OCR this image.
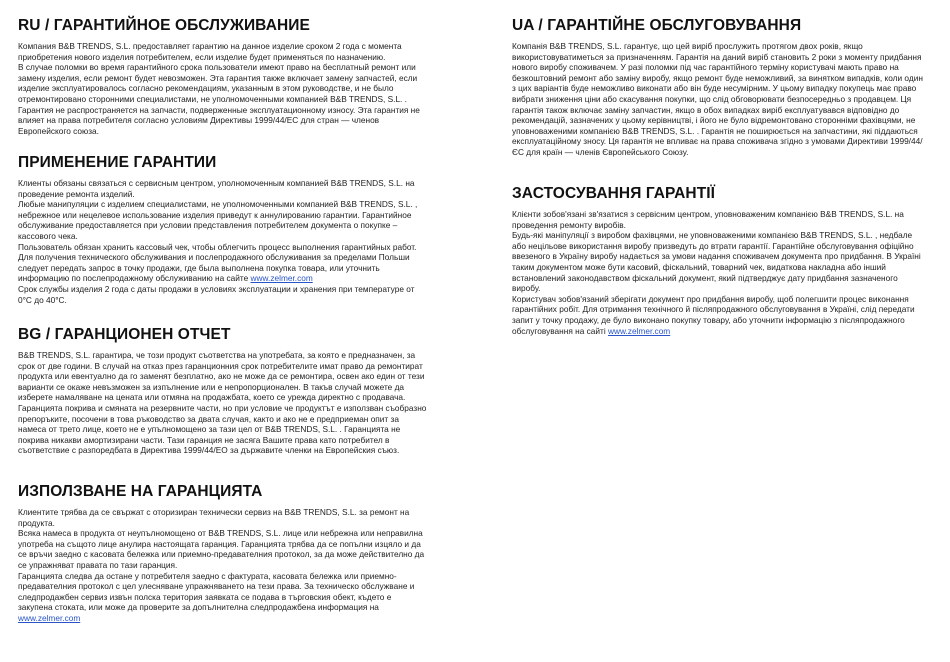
RU / ГАРАНТИЙНОЕ ОБСЛУЖИВАНИЕ

Компания B&B TRENDS, S.L. предоставляет гарантию на данное изделие сроком 2 года с момента приобретения нового изделия потребителем, если изделие будет применяться по назначению.

В случае поломки во время гарантийного срока пользователи имеют право на бесплатный ремонт или замену изделия, если ремонт будет невозможен. Эта гарантия также включает замену запчастей, если изделие эксплуатировалось согласно рекомендациям, указанным в этом руководстве, и не было отремонтировано сторонними специалистами, не уполномоченными компанией B&B TRENDS, S.L. . Гарантия не распространяется на запчасти, подверженные эксплуатационному износу. Эта гарантия не влияет на права потребителя согласно условиям Директивы 1999/44/ЕС для стран — членов Европейского союза.

ПРИМЕНЕНИЕ ГАРАНТИИ

Клиенты обязаны связаться с сервисным центром, уполномоченным компанией B&B TRENDS, S.L. на проведение ремонта изделий.

Любые манипуляции с изделием специалистами, не уполномоченными компанией B&B TRENDS, S.L. , небрежное или нецелевое использование изделия приведут к аннулированию гарантии. Гарантийное обслуживание предоставляется при условии представления потребителем документа о покупке – кассового чека.

Пользователь обязан хранить кассовый чек, чтобы облегчить процесс выполнения гарантийных работ. Для получения технического обслуживания и послепродажного обслуживания за пределами Польши следует передать запрос в точку продажи, где была выполнена покупка товара, или уточнить информацию по послепродажному обслуживанию на сайте www.zelmer.com

Срок службы изделия 2 года с даты продажи в условиях эксплуатации и хранения при температуре от 0°С до 40°С.

BG / ГАРАНЦИОНЕН ОТЧЕТ

B&B TRENDS, S.L. гарантира, че този продукт съответства на употребата, за която е предназначен, за срок от две години. В случай на отказ през гаранционния срок потребителите имат право да ремонтират продукта или евентуално да го заменят безплатно, ако не може да се ремонтира, освен ако един от тези варианти се окаже невъзможен за изпълнение или е непропорционален. В такъв случай можете да изберете намаляване на цената или отмяна на продажбата, което се урежда директно с продавача. Гаранцията покрива и смяната на резервните части, но при условие че продуктът е използван съобразно препоръките, посочени в това ръководство за двата случая, както и ако не е предприеман опит за намеса от трето лице, което не е упълномощено за тази цел от B&B TRENDS, S.L. . Гаранцията не покрива никакви амортизирани части. Тази гаранция не засяга Вашите права като потребител в съответствие с разпоредбата в Директива 1999/44/ЕО за държавите членки на Европейския съюз.

ИЗПОЛЗВАНЕ НА ГАРАНЦИЯТА

Клиентите трябва да се свържат с оторизиран технически сервиз на B&B TRENDS, S.L. за ремонт на продукта.

Всяка намеса в продукта от неупълномощено от B&B TRENDS, S.L. лице или небрежна или неправилна употреба на същото лице анулира настоящата гаранция. Гаранцията трябва да се попълни изцяло и да се връчи заедно с касовата бележка или приемно-предавателния протокол, за да може действително да се упражняват правата по тази гаранция.

Гаранцията следва да остане у потребителя заедно с фактурата, касовата бележка или приемно-предавателния протокол с цел улесняване упражняването на тези права. За техническо обслужване и следпродажбен сервиз извън полска територия заявката се подава в търговския обект, където е закупена стоката, или може да проверите за допълнителна следпродажбена информация на www.zelmer.com

UA / ГАРАНТІЙНЕ ОБСЛУГОВУВАННЯ

Компанія B&B TRENDS, S.L. гарантує, що цей виріб прослужить протягом двох років, якщо використовуватиметься за призначенням. Гарантія на даний виріб становить 2 роки з моменту придбання нового виробу споживачем. У разі поломки під час гарантійного терміну користувачі мають право на безкоштовний ремонт або заміну виробу, якщо ремонт буде неможливий, за винятком випадків, коли один з цих варіантів буде неможливо виконати або він буде несумірним. У цьому випадку покупець має право вибрати зниження ціни або скасування покупки, що слід обговорювати безпосередньо з продавцем. Ця гарантія також включає заміну запчастин, якщо в обох випадках виріб експлуатувався відповідно до рекомендацій, зазначених у цьому керівництві, і його не було відремонтовано сторонніми фахівцями, не уповноваженими компанією B&B TRENDS, S.L. . Гарантія не поширюється на запчастини, які піддаються експлуатаційному зносу. Ця гарантія не впливає на права споживача згідно з умовами Директиви 1999/44/ЄС для країн — членів Європейського Союзу.

ЗАСТОСУВАННЯ ГАРАНТІЇ

Клієнти зобов'язані зв'язатися з сервісним центром, уповноваженим компанією B&B TRENDS, S.L. на проведення ремонту виробів.

Будь-які маніпуляції з виробом фахівцями, не уповноваженими компанією B&B TRENDS, S.L. , недбале або нецільове використання виробу призведуть до втрати гарантії. Гарантійне обслуговування офіційно ввезеного в Україну виробу надається за умови надання споживачем документа про придбання. В Україні таким документом може бути касовий, фіскальний, товарний чек, видаткова накладна або інший встановлений законодавством фіскальний документ, який підтверджує дату придбання зазначеного виробу.

Користувач зобов'язаний зберігати документ про придбання виробу, щоб полегшити процес виконання гарантійних робіт. Для отримання технічного й післяпродажного обслуговування в Україні, слід передати запит у точку продажу, де було виконано покупку товару, або уточнити інформацію з післяпродажного обслуговування на сайті www.zelmer.com
